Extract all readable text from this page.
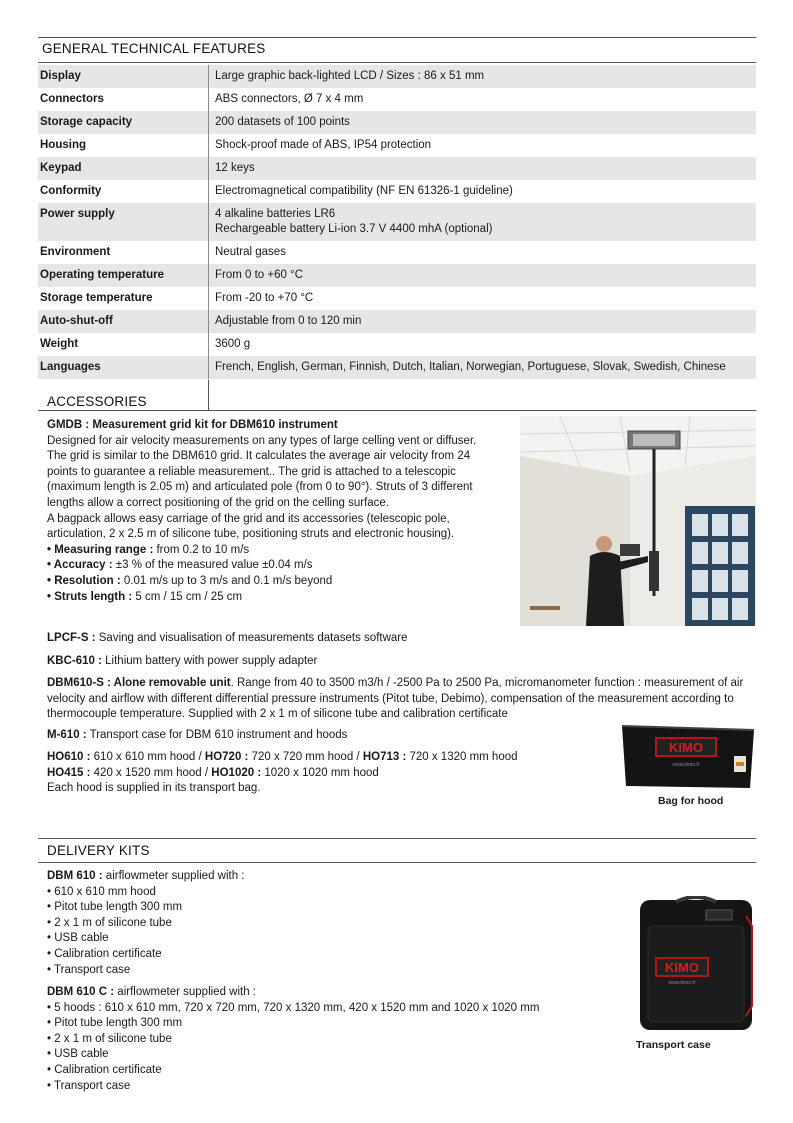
GENERAL TECHNICAL FEATURES
Display	Large graphic back-lighted LCD / Sizes : 86 x 51 mm
Connectors	ABS connectors, Ø 7 x 4 mm
Storage capacity	200 datasets of 100 points
Housing	Shock-proof made of ABS, IP54 protection
Keypad	12 keys
Conformity	Electromagnetical compatibility (NF EN 61326-1 guideline)
Power supply	4 alkaline batteries LR6
Rechargeable battery Li-ion 3.7 V 4400 mhA (optional)
Environment	Neutral gases
Operating temperature	From 0 to +60 °C
Storage temperature	From -20 to +70 °C
Auto-shut-off	Adjustable from 0 to 120 min
Weight	3600 g
Languages	French, English, German, Finnish, Dutch, Italian, Norwegian, Portuguese, Slovak, Swedish, Chinese
ACCESSORIES
GMDB : Measurement grid kit for DBM610 instrument
Designed for air velocity measurements on any types of large celling vent or diffuser.
The grid is similar to the DBM610 grid. It calculates the average air velocity from 24
points to guarantee a reliable measurement.. The grid is attached to a telescopic
(maximum length is 2.05 m) and articulated pole (from 0 to 90°). Struts of 3 different
lengths allow a correct positioning of the grid on the celling surface.
A bagpack allows easy carriage of the grid and its accessories (telescopic pole,
articulation, 2 x 2.5 m of silicone tube, positioning struts and electronic housing).
• Measuring range : from 0.2 to 10 m/s
• Accuracy : ±3 % of the measured value ±0.04 m/s
• Resolution : 0.01 m/s up to 3 m/s and 0.1 m/s beyond
• Struts length : 5 cm / 15 cm / 25 cm
LPCF-S : Saving and visualisation of measurements datasets software
KBC-610 : Lithium battery with power supply adapter
DBM610-S : Alone removable unit. Range from 40 to 3500 m3/h / -2500 Pa to 2500 Pa, micromanometer function : measurement of air
velocity and airflow with different differential pressure instruments (Pitot tube, Debimo), compensation of the measurement according to
thermocouple temperature. Supplied with 2 x 1 m of silicone tube and calibration certificate
M-610 : Transport case for DBM 610 instrument and hoods
HO610 : 610 x 610 mm hood / HO720 : 720 x 720 mm hood / HO713 : 720 x 1320 mm hood
HO415 : 420 x 1520 mm hood / HO1020 : 1020 x 1020 mm hood
Each hood is supplied in its transport bag.
KIMO
www.kimo.fr
Bag for hood
DELIVERY KITS
DBM 610 : airflowmeter supplied with :
• 610 x 610 mm hood
• Pitot tube length 300 mm
• 2 x 1 m of silicone tube
• USB cable
• Calibration certificate
• Transport case
DBM 610 C : airflowmeter supplied with :
• 5 hoods : 610 x 610 mm, 720 x 720 mm, 720 x 1320 mm, 420 x 1520 mm and 1020 x 1020 mm
• Pitot tube length 300 mm
• 2 x 1 m of silicone tube
• USB cable
• Calibration certificate
• Transport case
KIMO
www.kimo.fr
Transport case
